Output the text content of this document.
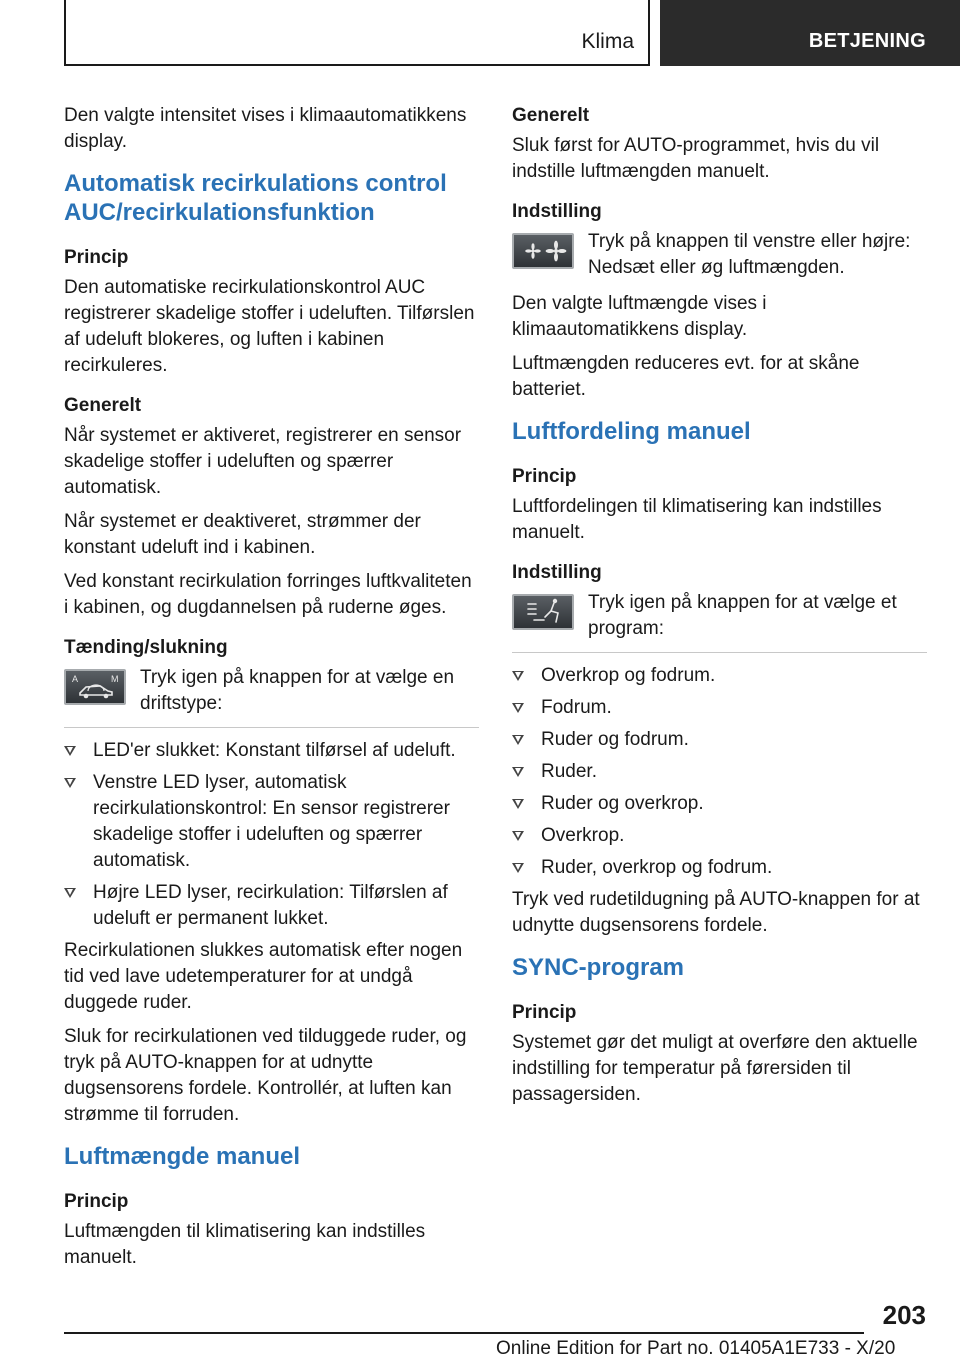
Klima	BETJENING

Den valgte intensitet vises i klimaautomatikkens display.

Automatisk recirkulations control AUC/recirkulationsfunktion
Princip

Den automatiske recirkulationskontrol AUC registrerer skadelige stoffer i udeluften. Tilførslen af udeluft blokeres, og luften i kabinen recirkuleres.

Generelt

Når systemet er aktiveret, registrerer en sensor skadelige stoffer i udeluften og spærrer automatisk.

Når systemet er deaktiveret, strømmer der konstant udeluft ind i kabinen.

Ved konstant recirkulation forringes luftkvaliteten i kabinen, og dugdannelsen på ruderne øges.

Tænding/slukning
A	M Tryk igen på knappen for at vælge en driftstype:
LED'er slukket: Konstant tilførsel af udeluft.
Venstre LED lyser, automatisk recirkulationskontrol: En sensor registrerer skadelige stoffer i udeluften og spærrer automatisk.
Højre LED lyser, recirkulation: Tilførslen af udeluft er permanent lukket.

Recirkulationen slukkes automatisk efter nogen tid ved lave udetemperaturer for at undgå duggede ruder.

Sluk for recirkulationen ved tilduggede ruder, og tryk på AUTO-knappen for at udnytte dugsensorens fordele. Kontrollér, at luften kan strømme til forruden.

Luftmængde manuel
Princip

Luftmængden til klimatisering kan indstilles manuelt.

Generelt

Sluk først for AUTO-programmet, hvis du vil indstille luftmængden manuelt.

Indstilling
Tryk på knappen til venstre eller højre: Nedsæt eller øg luftmængden.

Den valgte luftmængde vises i klimaautomatikkens display.

Luftmængden reduceres evt. for at skåne batteriet.

Luftfordeling manuel
Princip

Luftfordelingen til klimatisering kan indstilles manuelt.

Indstilling
Tryk igen på knappen for at vælge et program:
Overkrop og fodrum.
Fodrum.
Ruder og fodrum.
Ruder.
Ruder og overkrop.
Overkrop.
Ruder, overkrop og fodrum.

Tryk ved rudetildugning på AUTO-knappen for at udnytte dugsensorens fordele.

SYNC-program
Princip

Systemet gør det muligt at overføre den aktuelle indstilling for temperatur på førersiden til passagersiden.

203
Online Edition for Part no. 01405A1E733 - X/20
